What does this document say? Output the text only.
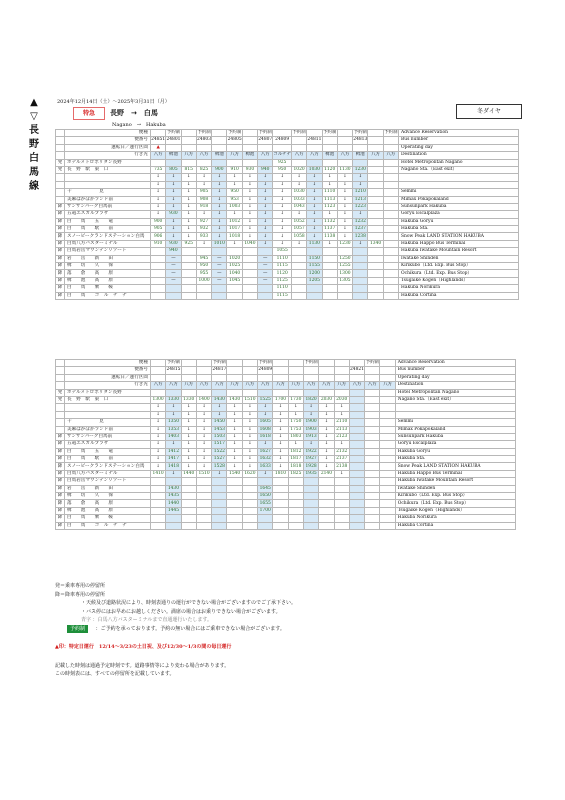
▲
▽
長
野
白
馬
線
2024年12月14日（土）～2025年3月31日（月）
特急	長野　→　白馬
Nagano　→　Hakuba
冬ダイヤ
	便種		予約制		予約制		予約制		予約制		予約制		予約制		予約制		予約制	Advance Reservation
	便番号	24851	24801		24803		24805		24807	24809		24811			24813			Bus number
	運転日／運行区間	▲																Operating day
	行き先	八方	栂池	八方	八方	栂池	八方	栂池	八方	コルチナ	八方	八方	栂池	八方	栂池	八方	八方	Destination
発	ホテルメトロポリタン長野									925								Hotel Metropolitan Nagano
発	長　野　駅　東　口	735	805	815	825	900	910	930	940	950	1020	1030	1120	1130	1230			Nagano Sta.（East exit）
		↓	↓	↓	↓	↓	↓	↓	↓	↓	↓	↓	↓	↓	↓			
		↓	↓	↓	↓	↓	↓	↓	↓	↓	↓	↓	↓	↓	↓			
	千　　　　　　見	↓	↓	↓	905	↓	950	↓	↓	↓	1030	↓	1110	↓	1210			Semmi
	美麻ぱかぽかランド前	↓	↓	↓	908	↓	953	↓	↓	↓	1033	↓	1113	↓	1213			Mimax Pokapokaland
降	サンサンパーク白馬前	↓	↓	↓	918	↓	1003	↓	↓	↓	1043	↓	1123	↓	1223			Sunsunpark Hakuba
降	五竜エスカルプラザ	↓	930	↓	↓	↓	↓	↓	↓	↓	↓	↓	↓	↓	↓			Goryu Escalplaza
降	白　　馬　　五　　竜	900	↓	↓	927	↓	1012	↓	↓	↓	1052	↓	1132	↓	1232			Hakuba Goryu
降	白　　馬　　駅　　前	905	↓	↓	932	↓	1017	↓	↓	↓	1057	↓	1137	↓	1237			Hakuba Sta.
降	スノーピークランドステーション白馬	906	↓	↓	933	↓	1018	↓	↓	↓	1058	↓	1138	↓	1238			Snow Peak LAND STATION HAKUBA
降	白馬八方バスターミナル	910	930	925	↓	1010	↓	1040	↓	↓	↓	1130	↓	1230	↓	1340		Hakuba Happo Bus Terminal
降	白馬岩岳マウンテンリゾート		940							1055								Hakuba Iwatake Mountain Resort
降	岩　　岳　　新　　田		—		945	—	1020		—	1110		1150		1250				Iwatake Shinden
降	栂　　切　　久　　保		—		950	—	1025		—	1115		1155		1255				Kirikubo（Ltd. Exp. Bus Stop）
降	落　　倉　　高　　原		—		955	—	1040		—	1120		1200		1300				Ochikura（Ltd. Exp. Bus Stop）
降	栂　　池　　高　　原		—		1000	—	1045		—	1125		1205		1305				Tsugaike Kogen（Highlands）
降	白　　馬　　乗　　鞍									1110								Hakuba Norikura
降	白　　馬　　コ　ル　チ　ナ									1115								Hakuba Cortina
	便種		予約制			予約制			予約制			予約制				予約制		Advance Reservation
	便番号		24815			24817			24809						24821			Bus number
	運転日／運行区間																	Operating day
	行き先	八方	八方	八方	八方	八方	八方	八方	八方	八方	八方	八方	八方	八方	八方	八方	八方	Destination
発	ホテルメトロポリタン長野																	Hotel Metropolitan Nagano
発	長　野　駅　東　口	1300	1330	1330	1400	1430	1430	1510	1525	1700	1730	1820	2030	2030				Nagano Sta.（East exit）
		↓	↓	↓	↓	↓	↓	↓	↓	↓	↓	↓	↓	↓				
		↓	↓	↓	↓	↓	↓	↓	↓	↓	↓	↓	↓	↓				
	千　　　　　　見	↓	1350	↓	↓	1450	↓	↓	1605	↓	1750	1900	↓	2110				Semmi
	美麻ぱかぽかランド前	↓	1353	↓	↓	1453	↓	↓	1608	↓	1753	1903	↓	2113				Mimax Pokapokaland
降	サンサンパーク白馬前	↓	1403	↓	↓	1503	↓	↓	1618	↓	1803	1913	↓	2123				Sunsunpark Hakuba
降	五竜エスカルプラザ	↓	↓	↓	↓	1517	↓	↓	↓	↓	↓	↓	↓	↓				Goryu Escalplaza
降	白　　馬　　五　　竜	↓	1412	↓	↓	1522	↓	↓	1627	↓	1812	1922	↓	2132				Hakuba Goryu
降	白　　馬　　駅　　前	↓	1417	↓	↓	1527	↓	↓	1632	↓	1817	1927	↓	2137				Hakuba Sta.
降	スノーピークランドステーション白馬	↓	1418	↓	↓	1528	↓	↓	1633	↓	1818	1928	↓	2138				Snow Peak LAND STATION HAKUBA
降	白馬八方バスターミナル	1410	↓	1440	1510	↓	1540	1620	↓	1810	1825	1935	2140	↓				Hakuba Happo Bus Terminal
降	白馬岩岳マウンテンリゾート																	Hakuba Iwatake Mountain Resort
降	岩　　岳　　新　　田		1430						1645									Iwatake Shinden
降	栂　　切　　久　　保		1435						1650									Kirikubo（Ltd. Exp. Bus Stop）
降	落　　倉　　高　　原		1440						1655									Ochikura（Ltd. Exp. Bus Stop）
降	栂　　池　　高　　原		1445						1700									Tsugaike Kogen（Highlands）
降	白　　馬　　乗　　鞍																	Hakuba Norikura
降	白　　馬　　コ　ル　チ　ナ																	Hakuba Cortina
発＝乗車専用の停留所
降＝降車専用の停留所
・天候及び道路状況により、時刻表通りの運行ができない場合がございますのでご了承下さい。
・バス停にはお早めにお越しください。満席の場合はお乗りできない場合がございます。
青字 ：白馬八方バスターミナルまで直通運行いたします。
予約制 ：ご予約を承っております。予約の無い場合にはご乗車できない場合がございます。
▲印：特定日運行　12/14～3/23の土日祝、及び12/30～1/3の間の毎日運行
記載した時刻は通過予定時刻です。道路事情等により変わる場合があります。
この時刻表には、すべての停留所を記載しています。
